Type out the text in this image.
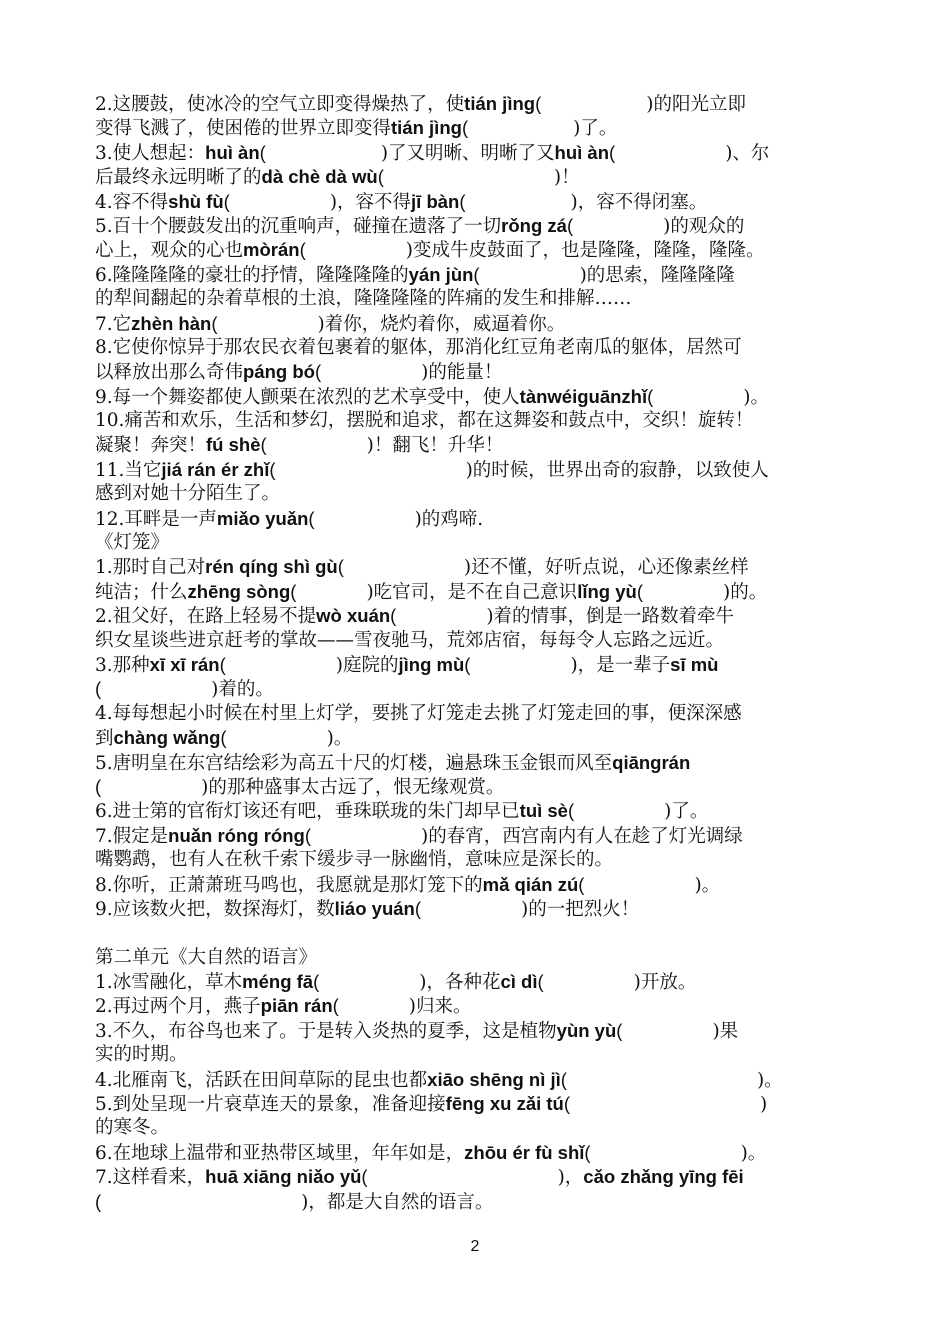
2.这腰鼓，使冰冷的空气立即变得燥热了，使tián jìng(	)的阳光立即
变得飞溅了，使困倦的世界立即变得tián jìng(	)了。
3.使人想起：huì àn(	)了又明晰、明晰了又huì àn(	)、尔
后最终永远明晰了的dà chè dà wù(	)！
4.容不得shù fù(	)，容不得jī bàn(	)，容不得闭塞。
5.百十个腰鼓发出的沉重响声，碰撞在遗落了一切rǒng zá(	)的观众的
心上，观众的心也mòrán(	)变成牛皮鼓面了，也是隆隆，隆隆，隆隆。
6.隆隆隆隆的豪壮的抒情，隆隆隆隆的yán jùn(	)的思索，隆隆隆隆
的犁间翻起的杂着草根的土浪，隆隆隆隆的阵痛的发生和排解……
7.它zhèn hàn(	)着你，烧灼着你，威逼着你。
8.它使你惊异于那农民衣着包裹着的躯体，那消化红豆角老南瓜的躯体，居然可
以释放出那么奇伟páng bó(	)的能量！
9.每一个舞姿都使人颤栗在浓烈的艺术享受中，使人tànwéiguānzhǐ(	)。
10.痛苦和欢乐，生活和梦幻，摆脱和追求，都在这舞姿和鼓点中，交织！旋转！
凝聚！奔突！fú shè(	)！翻飞！升华！
11.当它jiá rán ér zhǐ(	)的时候，世界出奇的寂静，以致使人
感到对她十分陌生了。
12.耳畔是一声miǎo yuǎn(	)的鸡啼.
《灯笼》
1.那时自己对rén qíng shì gù(	)还不懂，好听点说，心还像素丝样
纯洁；什么zhēng sòng(	)吃官司，是不在自己意识lǐng yù(	)的。
2.祖父好，在路上轻易不提wò xuán(	)着的情事，倒是一路数着牵牛
织女星谈些进京赶考的掌故——雪夜驰马，荒郊店宿，每每令人忘路之远近。
3.那种xī xī rán(	)庭院的jìng mù(	)，是一辈子sī mù
(	)着的。
4.每每想起小时候在村里上灯学，要挑了灯笼走去挑了灯笼走回的事，便深深感
到chàng wǎng(	)。
5.唐明皇在东宫结绘彩为高五十尺的灯楼，遍悬珠玉金银而风至qiāngrán
(	)的那种盛事太古远了，恨无缘观赏。
6.进士第的官衔灯该还有吧，垂珠联珑的朱门却早已tuì sè(	)了。
7.假定是nuǎn róng róng(	)的春宵，西宫南内有人在趁了灯光调绿
嘴鹦鹉，也有人在秋千索下缓步寻一脉幽悄，意味应是深长的。
8.你听，正萧萧班马鸣也，我愿就是那灯笼下的mǎ qián zú(	)。
9.应该数火把，数探海灯，数liáo yuán(	)的一把烈火！
第二单元《大自然的语言》
1.冰雪融化，草木méng fā(	)，各种花cì dì(	)开放。
2.再过两个月，燕子piān rán(	)归来。
3.不久，布谷鸟也来了。于是转入炎热的夏季，这是植物yùn yù(	)果
实的时期。
4.北雁南飞，活跃在田间草际的昆虫也都xiāo shēng nì jì(	)。
5.到处呈现一片衰草连天的景象，准备迎接fēng xu zǎi tú(	)
的寒冬。
6.在地球上温带和亚热带区域里，年年如是，zhōu ér fù shǐ(	)。
7.这样看来，huā xiāng niǎo yǔ(	)，cǎo zhǎng yīng fēi
(	)，都是大自然的语言。
2
